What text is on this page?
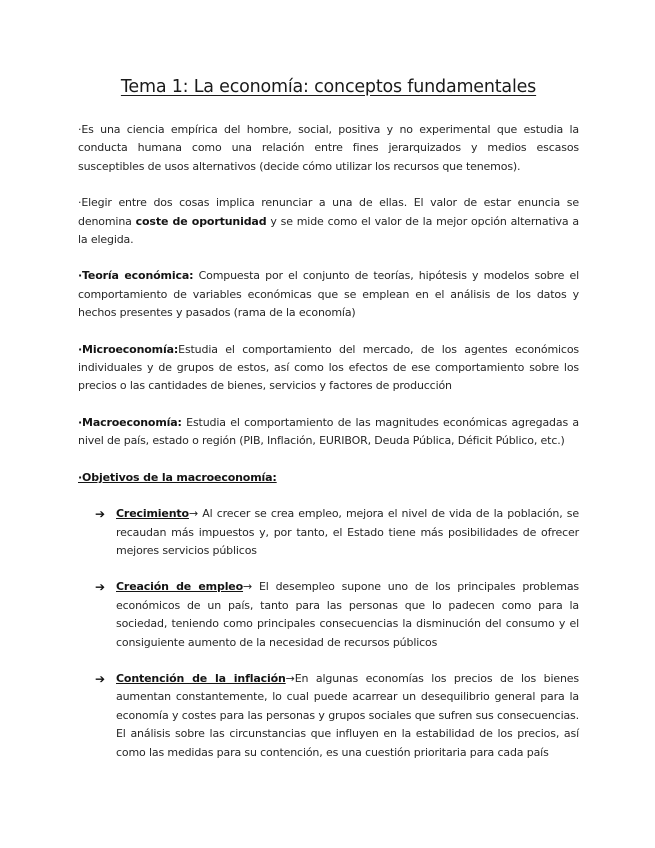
Tema 1: La economía: conceptos fundamentales

·Es una ciencia empírica del hombre, social, positiva y no experimental que estudia la conducta humana como una relación entre fines jerarquizados y medios escasos susceptibles de usos alternativos (decide cómo utilizar los recursos que tenemos).

·Elegir entre dos cosas implica renunciar a una de ellas. El valor de estar enuncia se denomina coste de oportunidad y se mide como el valor de la mejor opción alternativa a la elegida.

·Teoría económica: Compuesta por el conjunto de teorías, hipótesis y modelos sobre el comportamiento de variables económicas que se emplean en el análisis de los datos y hechos presentes y pasados (rama de la economía)

·Microeconomía:Estudia el comportamiento del mercado, de los agentes económicos individuales y de grupos de estos, así como los efectos de ese comportamiento sobre los precios o las cantidades de bienes, servicios y factores de producción

·Macroeconomía: Estudia el comportamiento de las magnitudes económicas agregadas a nivel de país, estado o región (PIB, Inflación, EURIBOR, Deuda Pública, Déficit Público, etc.)

·Objetivos de la macroeconomía:

➔ Crecimiento→ Al crecer se crea empleo, mejora el nivel de vida de la población, se recaudan más impuestos y, por tanto, el Estado tiene más posibilidades de ofrecer mejores servicios públicos
➔ Creación de empleo→ El desempleo supone uno de los principales problemas económicos de un país, tanto para las personas que lo padecen como para la sociedad, teniendo como principales consecuencias la disminución del consumo y el consiguiente aumento de la necesidad de recursos públicos
➔ Contención de la inflación→En algunas economías los precios de los bienes aumentan constantemente, lo cual puede acarrear un desequilibrio general para la economía y costes para las personas y grupos sociales que sufren sus consecuencias. El análisis sobre las circunstancias que influyen en la estabilidad de los precios, así como las medidas para su contención, es una cuestión prioritaria para cada país
